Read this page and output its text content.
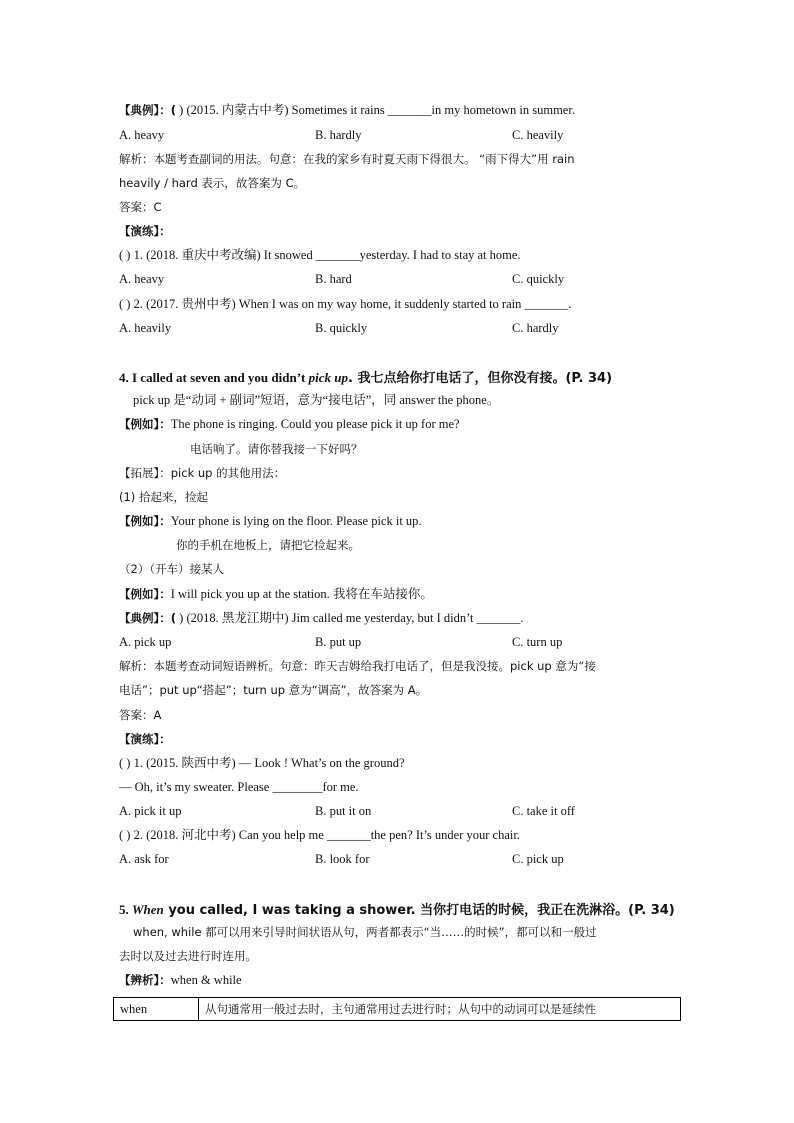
【典例】：( ) (2015. 内蒙古中考) Sometimes it rains _______in my hometown in summer.
A. heavy	B. hardly	C. heavily
解析：本题考查副词的用法。句意：在我的家乡有时夏天雨下得很大。 “雨下得大”用 rain
heavily / hard 表示，故答案为 C。
答案：C
【演练】：
( ) 1. (2018. 重庆中考改编) It snowed _______yesterday. I had to stay at home.
A. heavy	B. hard	C. quickly
( ) 2. (2017. 贵州中考) When I was on my way home, it suddenly started to rain _______.
A. heavily	B. quickly	C. hardly
4. I called at seven and you didn’t pick up. 我七点给你打电话了，但你没有接。(P. 34)
pick up 是“动词 + 副词”短语，意为“接电话”，同 answer the phone。
【例如】：The phone is ringing. Could you please pick it up for me?
电话响了。请你替我接一下好吗？
【拓展】：pick up 的其他用法：
(1) 拾起来，捡起
【例如】：Your phone is lying on the floor. Please pick it up.
你的手机在地板上，请把它捡起来。
（2）（开车）接某人
【例如】：I will pick you up at the station. 我将在车站接你。
【典例】：( ) (2018. 黑龙江期中) Jim called me yesterday, but I didn’t _______.
A. pick up	B. put up	C. turn up
解析：本题考查动词短语辨析。句意：昨天吉姆给我打电话了，但是我没接。pick up 意为“接
电话”；put up“搭起”；turn up 意为“调高”，故答案为 A。
答案：A
【演练】：
( ) 1. (2015. 陕西中考) — Look ! What’s on the ground?
— Oh, it’s my sweater. Please ________for me.
A. pick it up	B. put it on	C. take it off
( ) 2. (2018. 河北中考) Can you help me _______the pen? It’s under your chair.
A. ask for	B. look for	C. pick up
5. When you called, I was taking a shower. 当你打电话的时候，我正在洗淋浴。(P. 34)
when, while 都可以用来引导时间状语从句，两者都表示“当……的时候”，都可以和一般过
去时以及过去进行时连用。
【辨析】：when & while
when	从句通常用一般过去时，主句通常用过去进行时；从句中的动词可以是延续性
